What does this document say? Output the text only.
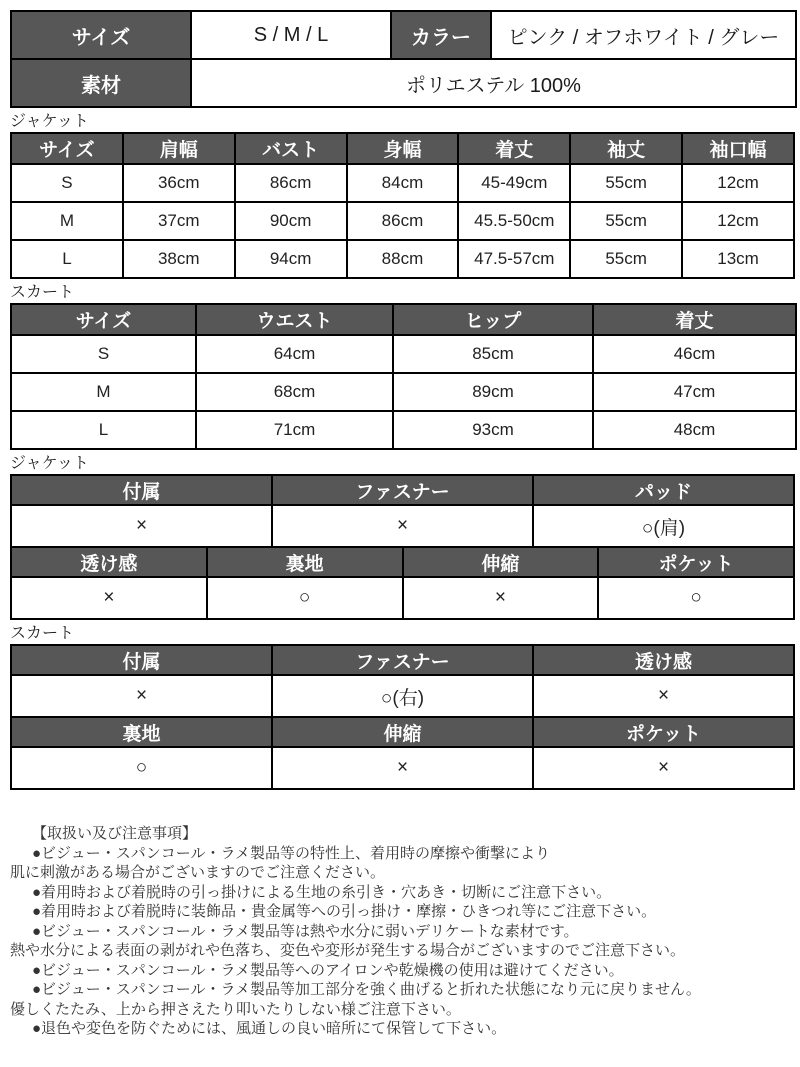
サイズ	S / M / L	カラー	ピンク / オフホワイト / グレー
素材	ポリエステル 100%		
ジャケット
サイズ	肩幅	バスト	身幅	着丈	袖丈	袖口幅
S	36cm	86cm	84cm	45-49cm	55cm	12cm
M	37cm	90cm	86cm	45.5-50cm	55cm	12cm
L	38cm	94cm	88cm	47.5-57cm	55cm	13cm
スカート
サイズ	ウエスト	ヒップ	着丈
S	64cm	85cm	46cm
M	68cm	89cm	47cm
L	71cm	93cm	48cm
ジャケット
付属	ファスナー	パッド
×	×	○(肩)
透け感	裏地	伸縮	ポケット
×	○	×	○
スカート
付属	ファスナー	透け感
×	○(右)	×
裏地	伸縮	ポケット
○	×	×
【取扱い及び注意事項】
●ビジュー・スパンコール・ラメ製品等の特性上、着用時の摩擦や衝撃により
肌に刺激がある場合がございますのでご注意ください。
●着用時および着脱時の引っ掛けによる生地の糸引き・穴あき・切断にご注意下さい。
●着用時および着脱時に装飾品・貴金属等への引っ掛け・摩擦・ひきつれ等にご注意下さい。
●ビジュー・スパンコール・ラメ製品等は熱や水分に弱いデリケートな素材です。
熱や水分による表面の剥がれや色落ち、変色や変形が発生する場合がございますのでご注意下さい。
●ビジュー・スパンコール・ラメ製品等へのアイロンや乾燥機の使用は避けてください。
●ビジュー・スパンコール・ラメ製品等加工部分を強く曲げると折れた状態になり元に戻りません。
優しくたたみ、上から押さえたり叩いたりしない様ご注意下さい。
●退色や変色を防ぐためには、風通しの良い暗所にて保管して下さい。
